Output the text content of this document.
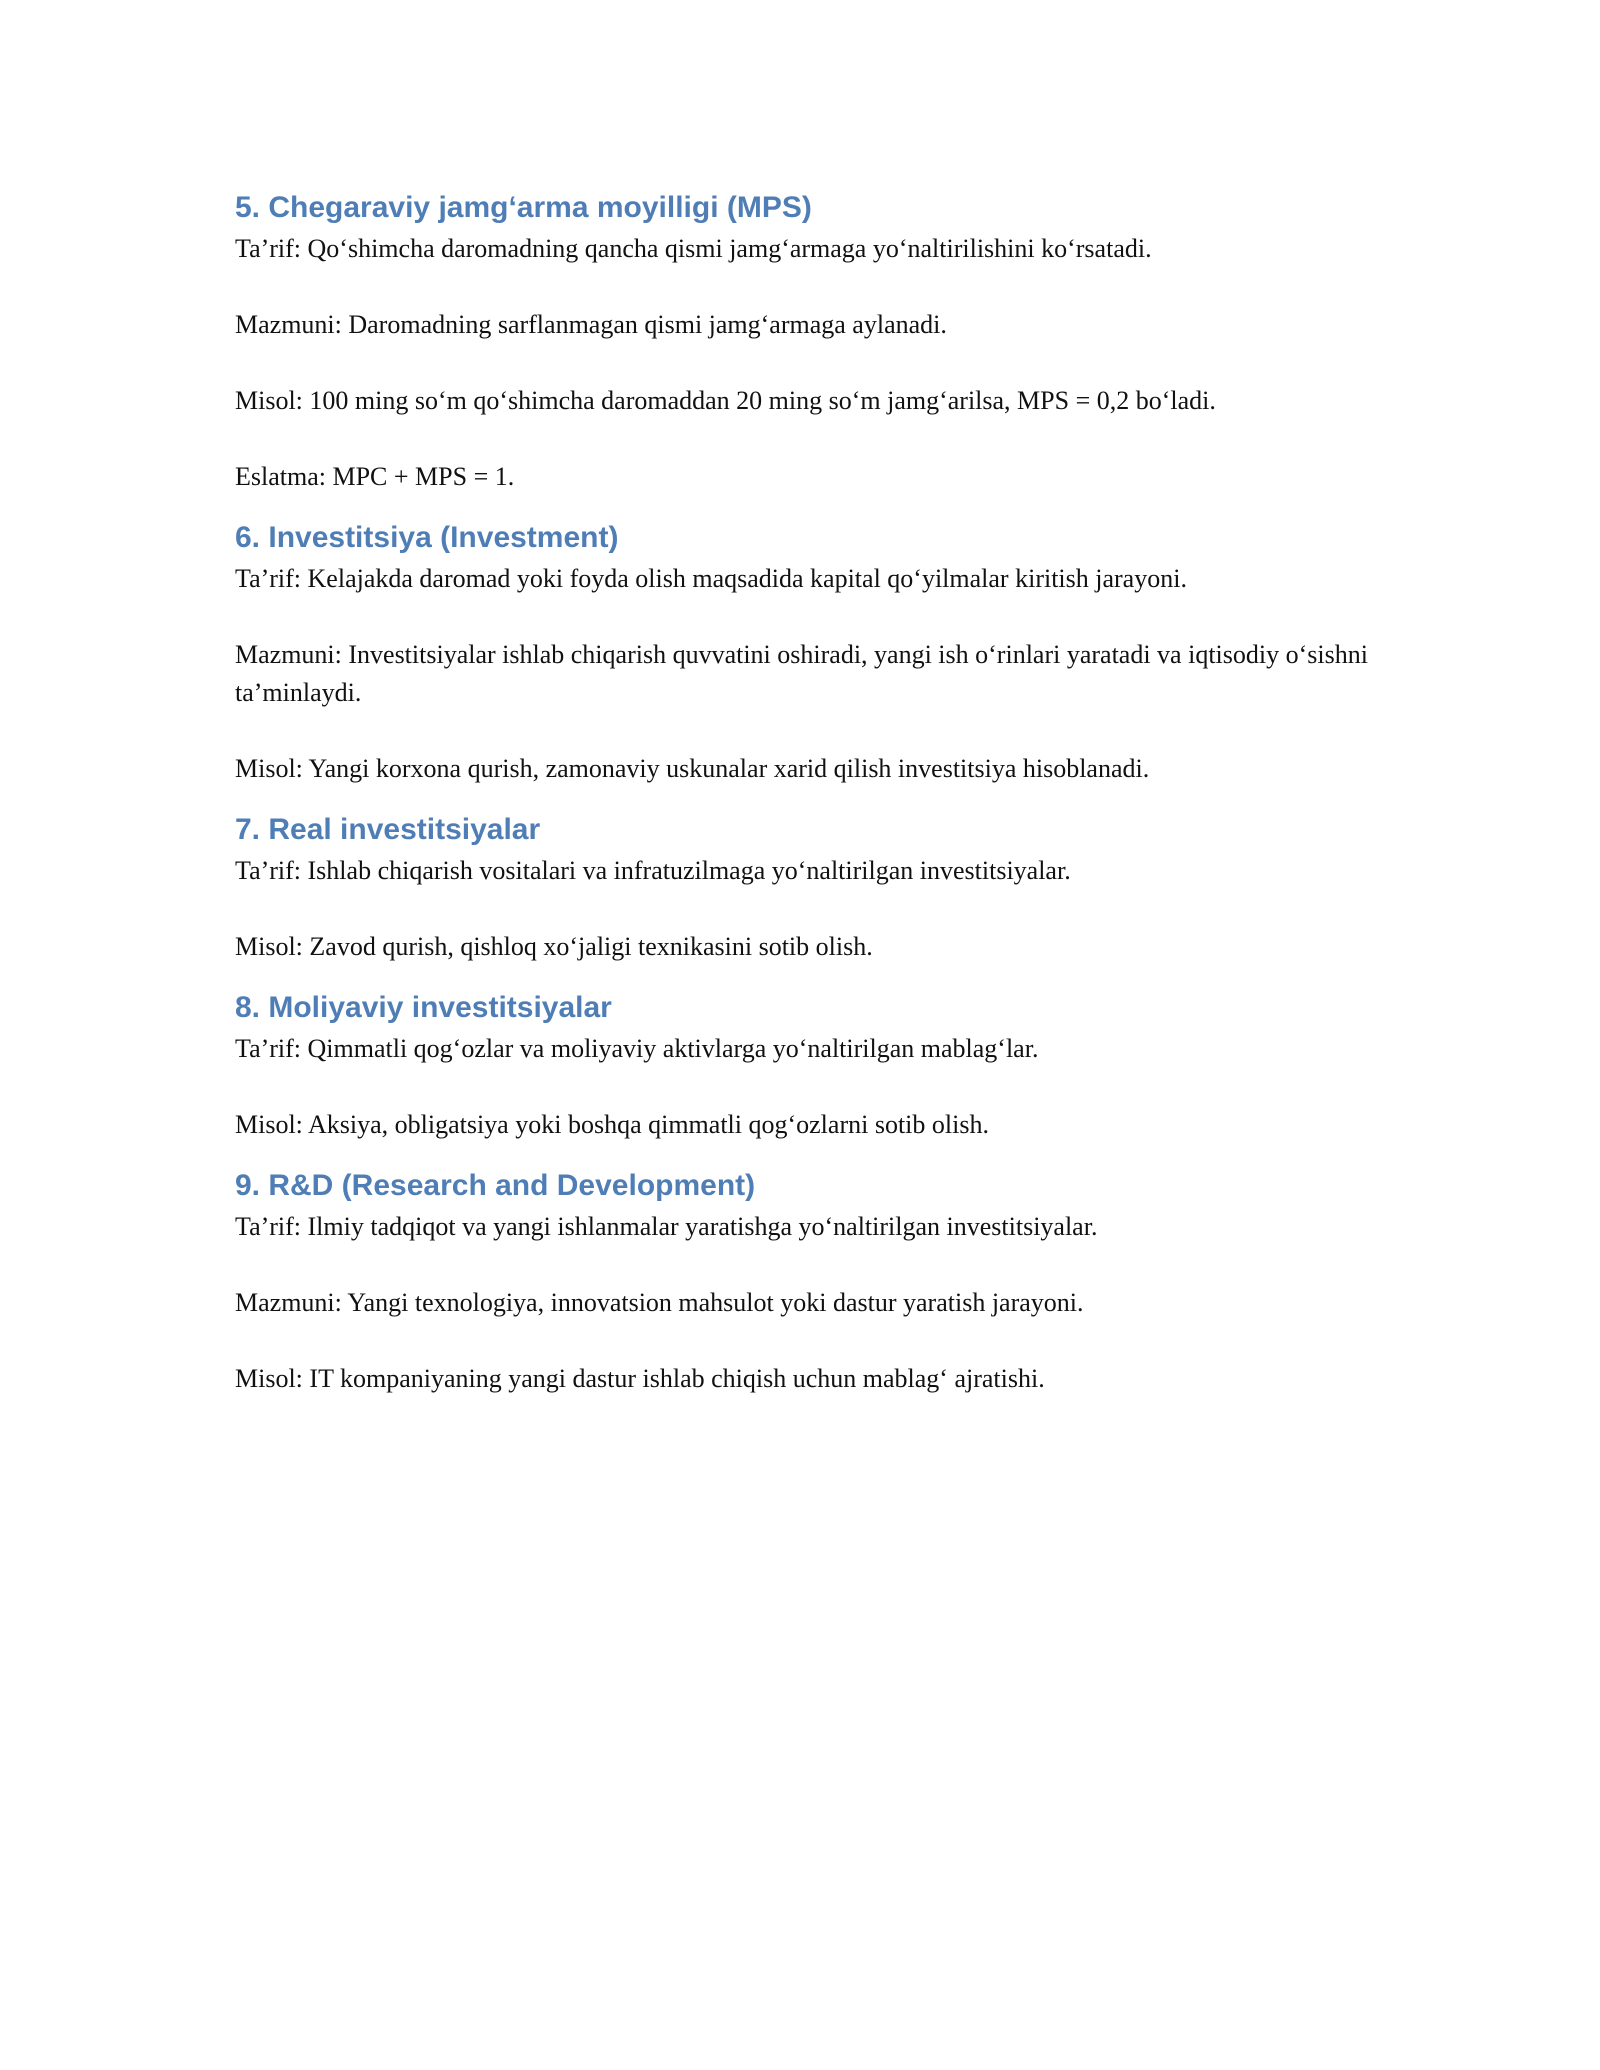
5. Chegaraviy jamg‘arma moyilligi (MPS)

Ta’rif: Qo‘shimcha daromadning qancha qismi jamg‘armaga yo‘naltirilishini ko‘rsatadi.

Mazmuni: Daromadning sarflanmagan qismi jamg‘armaga aylanadi.

Misol: 100 ming so‘m qo‘shimcha daromaddan 20 ming so‘m jamg‘arilsa, MPS = 0,2 bo‘ladi.

Eslatma: MPC + MPS = 1.

6. Investitsiya (Investment)

Ta’rif: Kelajakda daromad yoki foyda olish maqsadida kapital qo‘yilmalar kiritish jarayoni.

Mazmuni: Investitsiyalar ishlab chiqarish quvvatini oshiradi, yangi ish o‘rinlari yaratadi va iqtisodiy o‘sishni ta’minlaydi.

Misol: Yangi korxona qurish, zamonaviy uskunalar xarid qilish investitsiya hisoblanadi.

7. Real investitsiyalar

Ta’rif: Ishlab chiqarish vositalari va infratuzilmaga yo‘naltirilgan investitsiyalar.

Misol: Zavod qurish, qishloq xo‘jaligi texnikasini sotib olish.

8. Moliyaviy investitsiyalar

Ta’rif: Qimmatli qog‘ozlar va moliyaviy aktivlarga yo‘naltirilgan mablag‘lar.

Misol: Aksiya, obligatsiya yoki boshqa qimmatli qog‘ozlarni sotib olish.

9. R&D (Research and Development)

Ta’rif: Ilmiy tadqiqot va yangi ishlanmalar yaratishga yo‘naltirilgan investitsiyalar.

Mazmuni: Yangi texnologiya, innovatsion mahsulot yoki dastur yaratish jarayoni.

Misol: IT kompaniyaning yangi dastur ishlab chiqish uchun mablag‘ ajratishi.
